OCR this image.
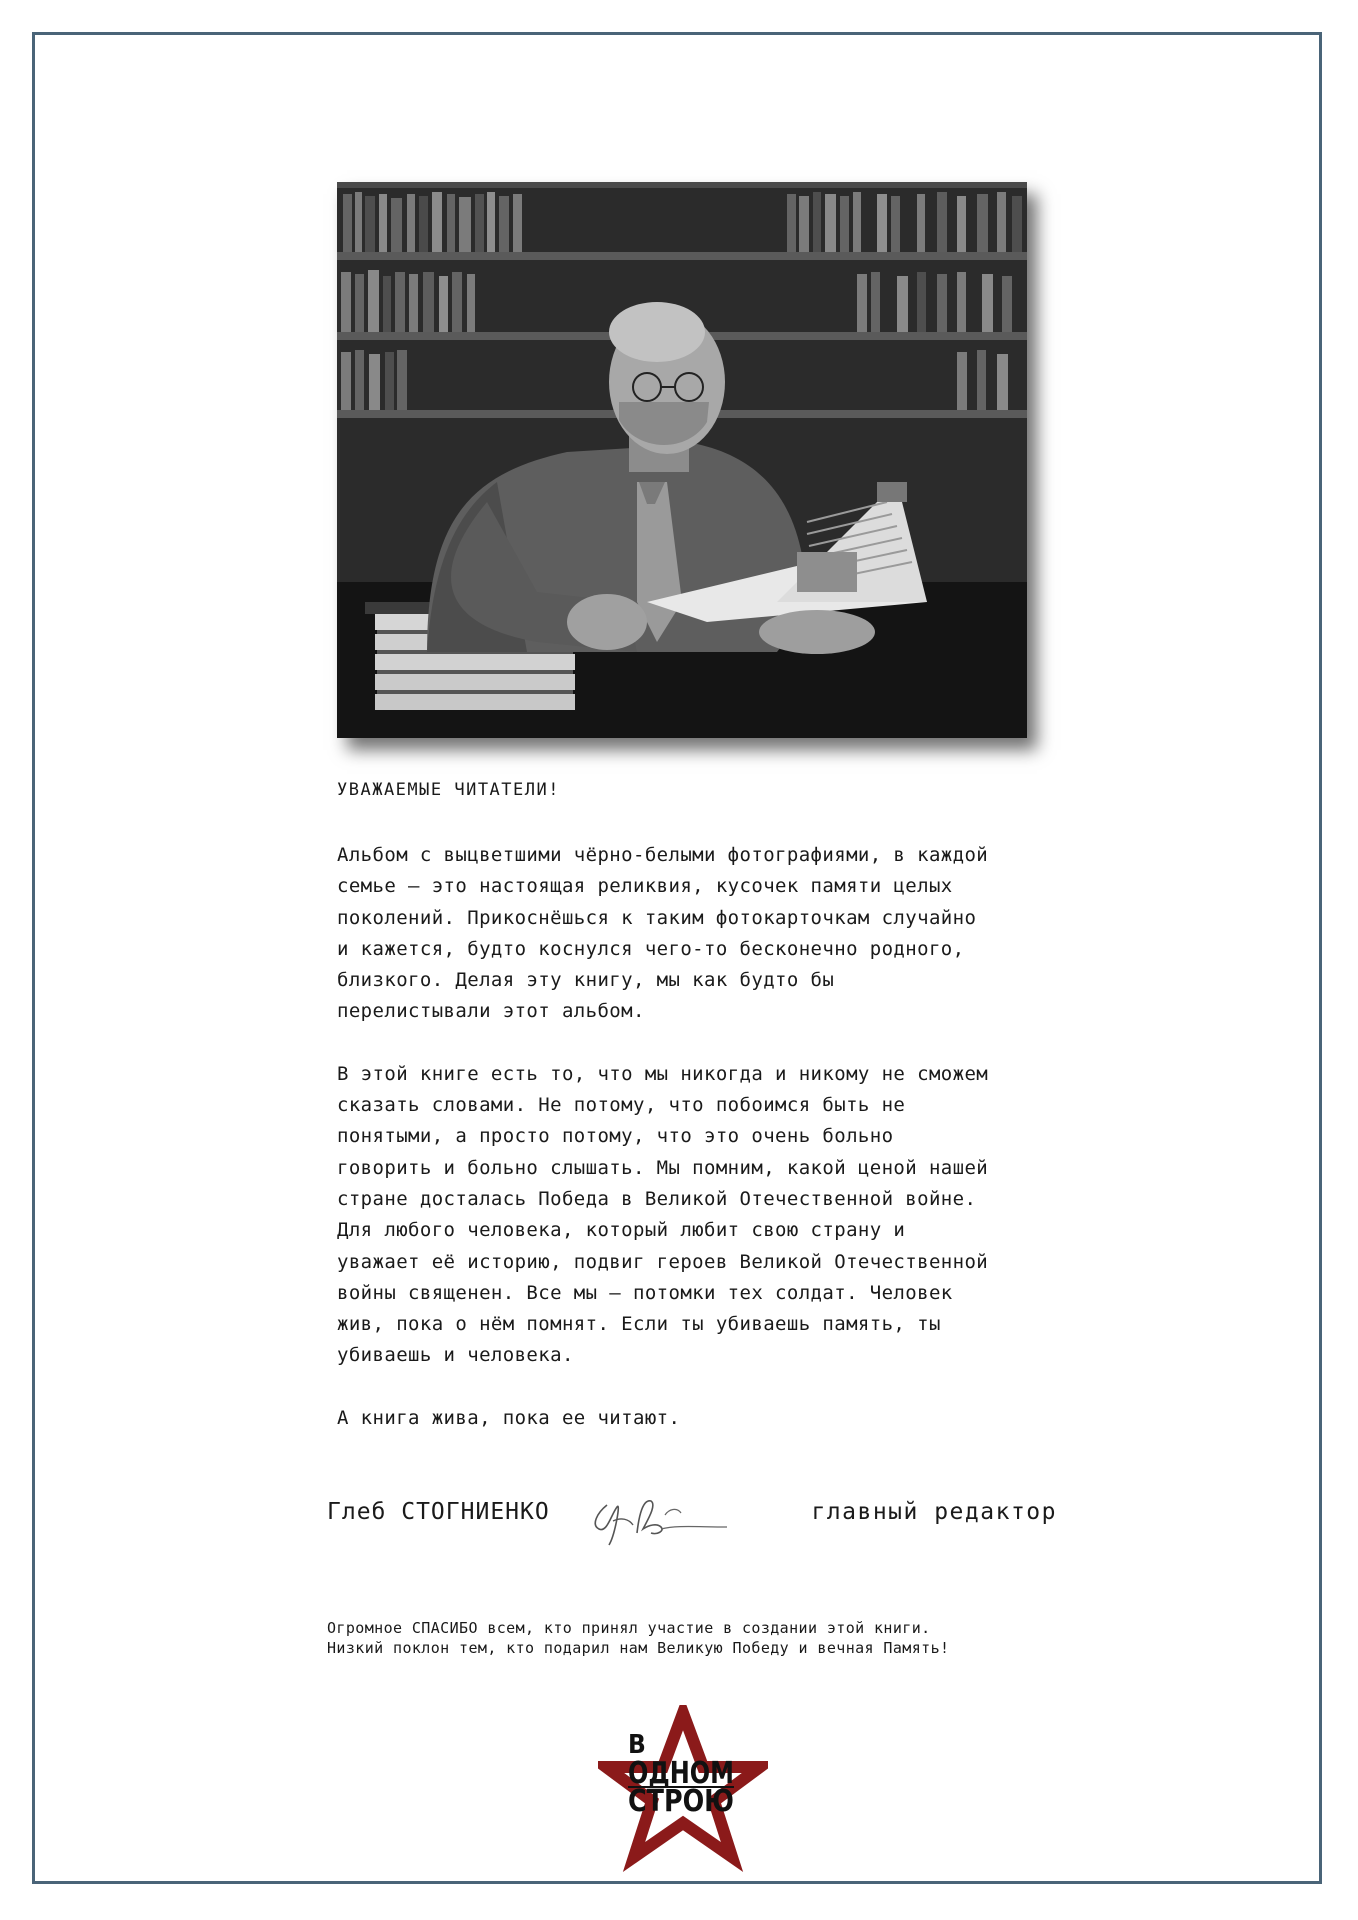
УВАЖАЕМЫЕ ЧИТАТЕЛИ!

Альбом с выцветшими чёрно-белыми фотографиями, в каждой
семье – это настоящая реликвия, кусочек памяти целых
поколений. Прикоснёшься к таким фотокарточкам случайно
и кажется, будто коснулся чего-то бесконечно родного,
близкого. Делая эту книгу, мы как будто бы
перелистывали этот альбом.

В этой книге есть то, что мы никогда и никому не сможем
сказать словами. Не потому, что побоимся быть не
понятыми, а просто потому, что это очень больно
говорить и больно слышать. Мы помним, какой ценой нашей
стране досталась Победа в Великой Отечественной войне.
Для любого человека, который любит свою страну и
уважает её историю, подвиг героев Великой Отечественной
войны священен. Все мы – потомки тех солдат. Человек
жив, пока о нём помнят. Если ты убиваешь память, ты
убиваешь и человека.

А книга жива, пока ее читают.

Глеб СТОГНИЕНКО	главный редактор
Огромное СПАСИБО всем, кто принял участие в создании этой книги.
Низкий поклон тем, кто подарил нам Великую Победу и вечная Память!
В
ОДНОМ
СТРОЮ
